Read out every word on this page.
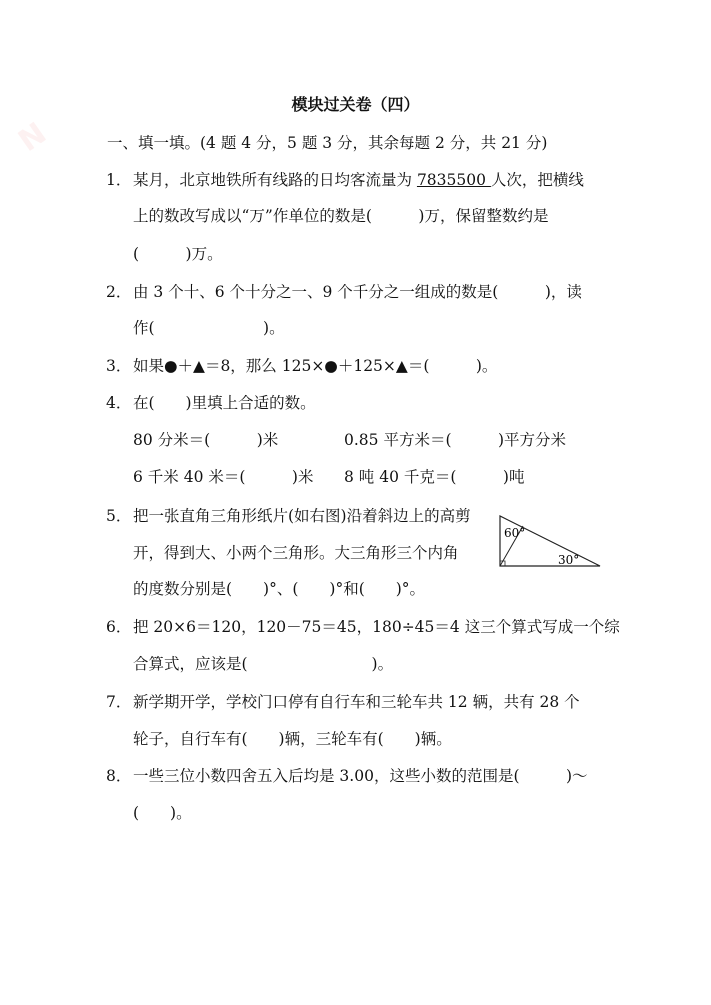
N
模块过关卷（四）
一、填一填。(4 题 4 分，5 题 3 分，其余每题 2 分，共 21 分)
1． 某月，北京地铁所有线路的日均客流量为 7835500 人次，把横线
上的数改写成以“万”作单位的数是(　　　)万，保留整数约是
(　　　)万。
2． 由 3 个十、6 个十分之一、9 个千分之一组成的数是(　　　)，读
作(　　　　　　　)。
3． 如果●＋▲＝8，那么 125×●＋125×▲＝(　　　)。
4． 在(　　)里填上合适的数。
80 分米＝(　　　)米	0.85 平方米＝(　　　)平方分米
6 千米 40 米＝(　　　)米 8 吨 40 千克＝(　　　)吨
5． 把一张直角三角形纸片(如右图)沿着斜边上的高剪
开，得到大、小两个三角形。大三角形三个内角
的度数分别是(　　)°、(　　)°和(　　)°。
60°
30°
6． 把 20×6＝120，120－75＝45，180÷45＝4 这三个算式写成一个综
合算式，应该是(　　　　　　　　)。
7． 新学期开学，学校门口停有自行车和三轮车共 12 辆，共有 28 个
轮子，自行车有(　　)辆，三轮车有(　　)辆。
8． 一些三位小数四舍五入后均是 3.00，这些小数的范围是(　　　)～
(　　)。
